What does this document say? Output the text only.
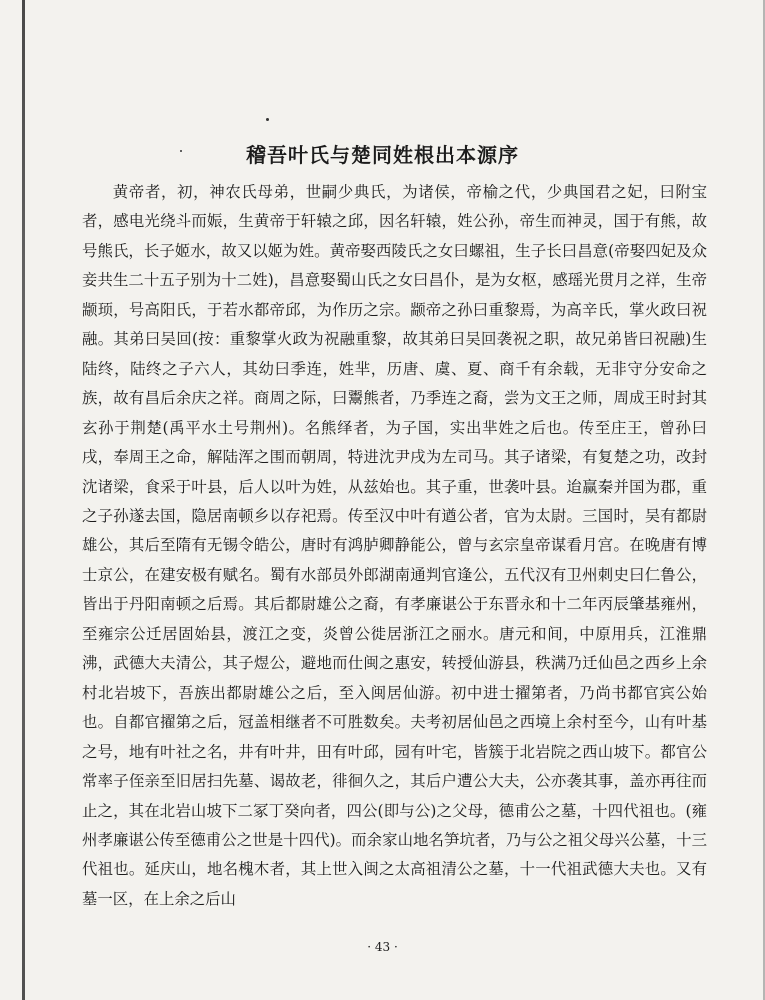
稽吾叶氏与楚同姓根出本源序

黄帝者，初，神农氏母弟，世嗣少典氏，为诸侯，帝榆之代，少典国君之妃，曰附宝者，感电光绕斗而娠，生黄帝于轩辕之邱，因名轩辕，姓公孙，帝生而神灵，国于有熊，故号熊氏，长子姬水，故又以姬为姓。黄帝娶西陵氏之女曰螺祖，生子长曰昌意(帝娶四妃及众妾共生二十五子别为十二姓)，昌意娶蜀山氏之女曰昌仆，是为女枢，感瑶光贯月之祥，生帝颛顼，号高阳氏，于若水都帝邱，为作历之宗。颛帝之孙曰重黎焉，为高辛氏，掌火政曰祝融。其弟曰吴回(按：重黎掌火政为祝融重黎，故其弟曰吴回袭祝之职，故兄弟皆曰祝融)生陆终，陆终之子六人，其幼曰季连，姓芈，历唐、虞、夏、商千有余载，无非守分安命之族，故有昌后余庆之祥。商周之际，曰鬻熊者，乃季连之裔，尝为文王之师，周成王时封其玄孙于荆楚(禹平水土号荆州)。名熊绎者，为子国，实出芈姓之后也。传至庄王，曾孙曰戌，奉周王之命，解陆浑之围而朝周，特进沈尹戌为左司马。其子诸梁，有复楚之功，改封沈诸梁，食采于叶县，后人以叶为姓，从兹始也。其子重，世袭叶县。迨赢秦并国为郡，重之子孙遂去国，隐居南顿乡以存祀焉。传至汉中叶有遒公者，官为太尉。三国时，吴有都尉雄公，其后至隋有无锡令皓公，唐时有鸿胪卿静能公，曾与玄宗皇帝谋看月宫。在晚唐有博士京公，在建安极有赋名。蜀有水部员外郎湖南通判官逢公，五代汉有卫州刺史曰仁鲁公，皆出于丹阳南顿之后焉。其后都尉雄公之裔，有孝廉谌公于东晋永和十二年丙辰肇基雍州，至雍宗公迁居固始县，渡江之变，炎曾公徙居浙江之丽水。唐元和间，中原用兵，江淮鼎沸，武德大夫清公，其子煜公，避地而仕闽之惠安，转授仙游县，秩满乃迁仙邑之西乡上余村北岩坡下，吾族出都尉雄公之后，至入闽居仙游。初中进士擢第者，乃尚书都官宾公始也。自都官擢第之后，冠盖相继者不可胜数矣。夫考初居仙邑之西境上余村至今，山有叶基之号，地有叶社之名，井有叶井，田有叶邱，园有叶宅，皆簇于北岩院之西山坡下。都官公常率子侄亲至旧居扫先墓、谒故老，徘徊久之，其后户遭公大夫，公亦袭其事，盖亦再往而止之，其在北岩山坡下二冢丁癸向者，四公(即与公)之父母，德甫公之墓，十四代祖也。(雍州孝廉谌公传至德甫公之世是十四代)。而余家山地名笋坑者，乃与公之祖父母兴公墓，十三代祖也。延庆山，地名槐木者，其上世入闽之太高祖清公之墓，十一代祖武德大夫也。又有墓一区，在上余之后山

· 43 ·
